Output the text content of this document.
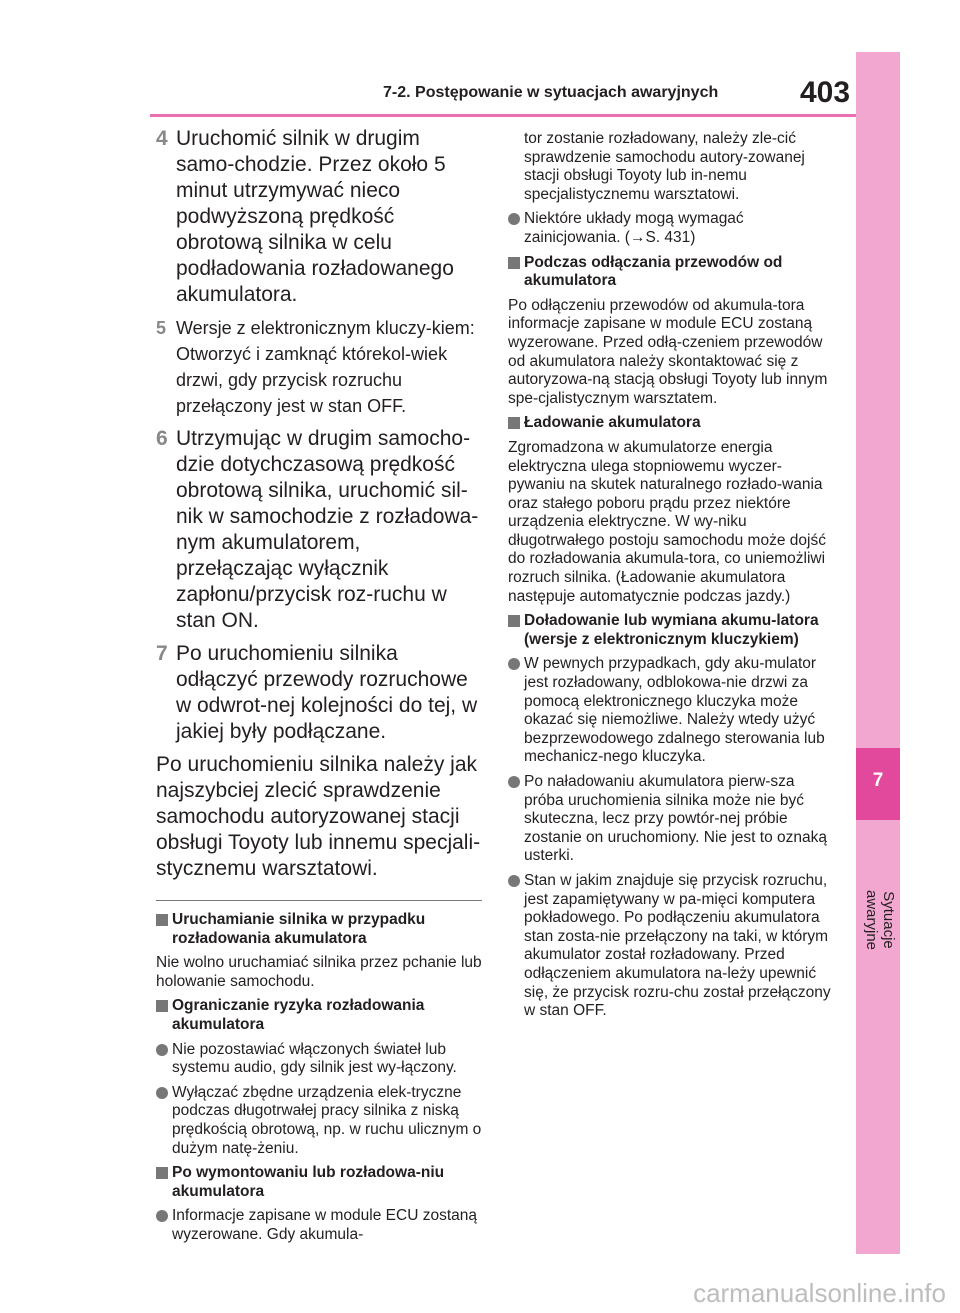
7
Sytuacje awaryjne
7-2. Postępowanie w sytuacjach awaryjnych	403
4 Uruchomić silnik w drugim samo-chodzie. Przez około 5 minut utrzymywać nieco podwyższoną prędkość obrotową silnika w celu podładowania rozładowanego akumulatora.
5 Wersje z elektronicznym kluczy-kiem: Otworzyć i zamknąć którekol-wiek drzwi, gdy przycisk rozruchu przełączony jest w stan OFF.
6 Utrzymując w drugim samocho-dzie dotychczasową prędkość obrotową silnika, uruchomić sil-nik w samochodzie z rozładowa-nym akumulatorem, przełączając wyłącznik zapłonu/przycisk roz-ruchu w stan ON.
7 Po uruchomieniu silnika odłączyć przewody rozruchowe w odwrot-nej kolejności do tej, w jakiej były podłączane.
Po uruchomieniu silnika należy jak najszybciej zlecić sprawdzenie samochodu autoryzowanej stacji obsługi Toyoty lub innemu specjali-stycznemu warsztatowi.
Uruchamianie silnika w przypadku rozładowania akumulatora
Nie wolno uruchamiać silnika przez pchanie lub holowanie samochodu.
Ograniczanie ryzyka rozładowania akumulatora
Nie pozostawiać włączonych świateł lub systemu audio, gdy silnik jest wy-łączony.
Wyłączać zbędne urządzenia elek-tryczne podczas długotrwałej pracy silnika z niską prędkością obrotową, np. w ruchu ulicznym o dużym natę-żeniu.
Po wymontowaniu lub rozładowa-niu akumulatora
Informacje zapisane w module ECU zostaną wyzerowane. Gdy akumula-
tor zostanie rozładowany, należy zle-cić sprawdzenie samochodu autory-zowanej stacji obsługi Toyoty lub in-nemu specjalistycznemu warsztatowi.
Niektóre układy mogą wymagać zainicjowania. (→S. 431)
Podczas odłączania przewodów od akumulatora
Po odłączeniu przewodów od akumula-tora informacje zapisane w module ECU zostaną wyzerowane. Przed odłą-czeniem przewodów od akumulatora należy skontaktować się z autoryzowa-ną stacją obsługi Toyoty lub innym spe-cjalistycznym warsztatem.
Ładowanie akumulatora
Zgromadzona w akumulatorze energia elektryczna ulega stopniowemu wyczer-pywaniu na skutek naturalnego rozłado-wania oraz stałego poboru prądu przez niektóre urządzenia elektryczne. W wy-niku długotrwałego postoju samochodu może dojść do rozładowania akumula-tora, co uniemożliwi rozruch silnika. (Ładowanie akumulatora następuje automatycznie podczas jazdy.)
Doładowanie lub wymiana akumu-latora (wersje z elektronicznym kluczykiem)
W pewnych przypadkach, gdy aku-mulator jest rozładowany, odblokowa-nie drzwi za pomocą elektronicznego kluczyka może okazać się niemożliwe. Należy wtedy użyć bezprzewodowego zdalnego sterowania lub mechanicz-nego kluczyka.
Po naładowaniu akumulatora pierw-sza próba uruchomienia silnika może nie być skuteczna, lecz przy powtór-nej próbie zostanie on uruchomiony. Nie jest to oznaką usterki.
Stan w jakim znajduje się przycisk rozruchu, jest zapamiętywany w pa-mięci komputera pokładowego. Po podłączeniu akumulatora stan zosta-nie przełączony na taki, w którym akumulator został rozładowany. Przed odłączeniem akumulatora na-leży upewnić się, że przycisk rozru-chu został przełączony w stan OFF.
carmanualsonline.info
